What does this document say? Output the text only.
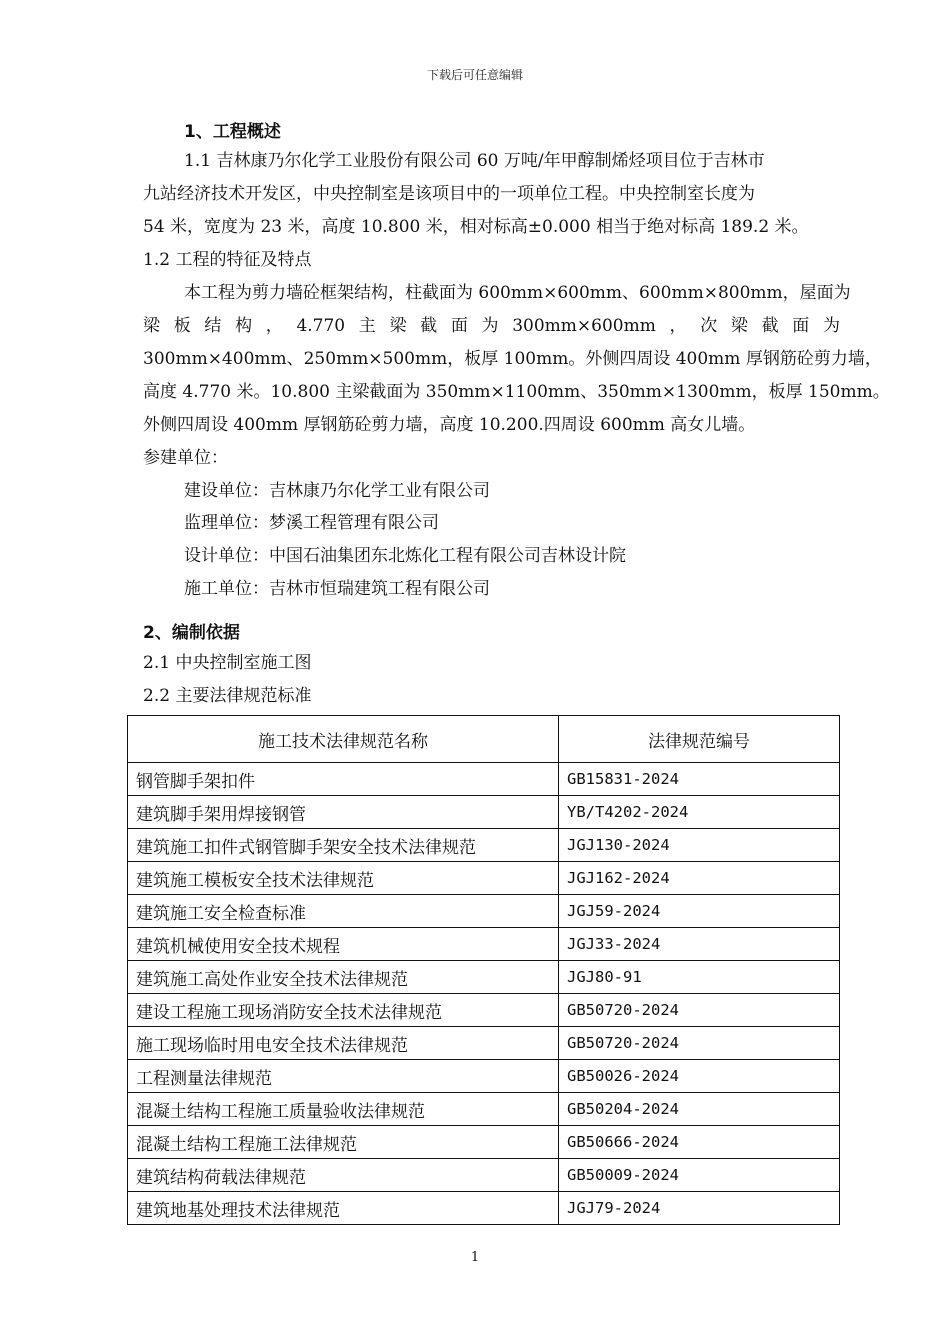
下载后可任意编辑
1、工程概述
1.1 吉林康乃尔化学工业股份有限公司 60 万吨/年甲醇制烯烃项目位于吉林市
九站经济技术开发区，中央控制室是该项目中的一项单位工程。中央控制室长度为
54 米，宽度为 23 米，高度 10.800 米，相对标高±0.000 相当于绝对标高 189.2 米。
1.2 工程的特征及特点
本工程为剪力墙砼框架结构，柱截面为 600mm×600mm、600mm×800mm，屋面为
梁 板 结 构 ， 4.770 主 梁 截 面 为 300mm×600mm ， 次 梁 截 面 为
300mm×400mm、250mm×500mm，板厚 100mm。外侧四周设 400mm 厚钢筋砼剪力墙，
高度 4.770 米。10.800 主梁截面为 350mm×1100mm、350mm×1300mm，板厚 150mm。
外侧四周设 400mm 厚钢筋砼剪力墙，高度 10.200.四周设 600mm 高女儿墙。
参建单位：
建设单位：吉林康乃尔化学工业有限公司
监理单位：梦溪工程管理有限公司
设计单位：中国石油集团东北炼化工程有限公司吉林设计院
施工单位：吉林市恒瑞建筑工程有限公司
2、编制依据
2.1 中央控制室施工图
2.2 主要法律规范标准
施工技术法律规范名称	法律规范编号
钢管脚手架扣件	GB15831-2024
建筑脚手架用焊接钢管	YB/T4202-2024
建筑施工扣件式钢管脚手架安全技术法律规范	JGJ130-2024
建筑施工模板安全技术法律规范	JGJ162-2024
建筑施工安全检查标准	JGJ59-2024
建筑机械使用安全技术规程	JGJ33-2024
建筑施工高处作业安全技术法律规范	JGJ80-91
建设工程施工现场消防安全技术法律规范	GB50720-2024
施工现场临时用电安全技术法律规范	GB50720-2024
工程测量法律规范	GB50026-2024
混凝土结构工程施工质量验收法律规范	GB50204-2024
混凝土结构工程施工法律规范	GB50666-2024
建筑结构荷载法律规范	GB50009-2024
建筑地基处理技术法律规范	JGJ79-2024
1
